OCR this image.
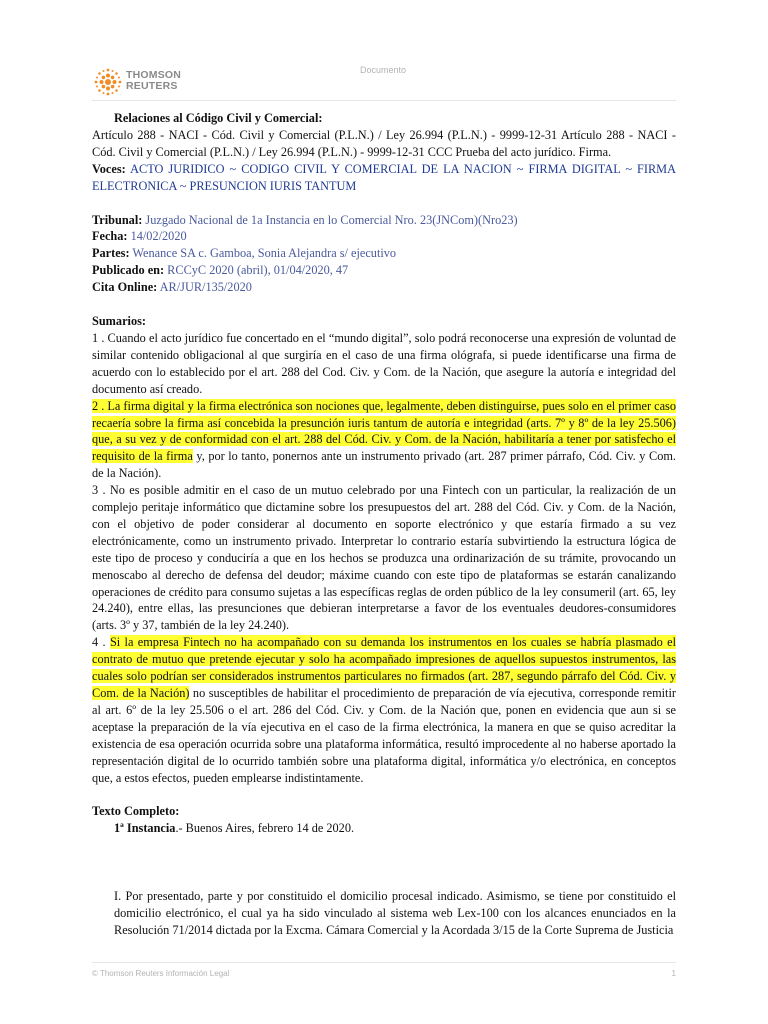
THOMSON
REUTERS
Documento

Relaciones al Código Civil y Comercial:

Artículo 288 - NACI - Cód. Civil y Comercial (P.L.N.) / Ley 26.994 (P.L.N.) - 9999-12-31 Artículo 288 - NACI - Cód. Civil y Comercial (P.L.N.) / Ley 26.994 (P.L.N.) - 9999-12-31 CCC Prueba del acto jurídico. Firma.

Voces: ACTO JURIDICO ~ CODIGO CIVIL Y COMERCIAL DE LA NACION ~ FIRMA DIGITAL ~ FIRMA ELECTRONICA ~ PRESUNCION IURIS TANTUM

Tribunal: Juzgado Nacional de 1a Instancia en lo Comercial Nro. 23(JNCom)(Nro23)

Fecha: 14/02/2020

Partes: Wenance SA c. Gamboa, Sonia Alejandra s/ ejecutivo

Publicado en: RCCyC 2020 (abril), 01/04/2020, 47

Cita Online: AR/JUR/135/2020

Sumarios:

1 . Cuando el acto jurídico fue concertado en el “mundo digital”, solo podrá reconocerse una expresión de voluntad de similar contenido obligacional al que surgiría en el caso de una firma ológrafa, si puede identificarse una firma de acuerdo con lo establecido por el art. 288 del Cod. Civ. y Com. de la Nación, que asegure la autoría e integridad del documento así creado.

2 . La firma digital y la firma electrónica son nociones que, legalmente, deben distinguirse, pues solo en el primer caso recaería sobre la firma así concebida la presunción iuris tantum de autoría e integridad (arts. 7º y 8º de la ley 25.506) que, a su vez y de conformidad con el art. 288 del Cód. Civ. y Com. de la Nación, habilitaría a tener por satisfecho el requisito de la firma y, por lo tanto, ponernos ante un instrumento privado (art. 287 primer párrafo, Cód. Civ. y Com. de la Nación).

3 . No es posible admitir en el caso de un mutuo celebrado por una Fintech con un particular, la realización de un complejo peritaje informático que dictamine sobre los presupuestos del art. 288 del Cód. Civ. y Com. de la Nación, con el objetivo de poder considerar al documento en soporte electrónico y que estaría firmado a su vez electrónicamente, como un instrumento privado. Interpretar lo contrario estaría subvirtiendo la estructura lógica de este tipo de proceso y conduciría a que en los hechos se produzca una ordinarización de su trámite, provocando un menoscabo al derecho de defensa del deudor; máxime cuando con este tipo de plataformas se estarán canalizando operaciones de crédito para consumo sujetas a las específicas reglas de orden público de la ley consumeril (art. 65, ley 24.240), entre ellas, las presunciones que debieran interpretarse a favor de los eventuales deudores-consumidores (arts. 3º y 37, también de la ley 24.240).

4 . Si la empresa Fintech no ha acompañado con su demanda los instrumentos en los cuales se habría plasmado el contrato de mutuo que pretende ejecutar y solo ha acompañado impresiones de aquellos supuestos instrumentos, las cuales solo podrían ser considerados instrumentos particulares no firmados (art. 287, segundo párrafo del Cód. Civ. y Com. de la Nación) no susceptibles de habilitar el procedimiento de preparación de vía ejecutiva, corresponde remitir al art. 6º de la ley 25.506 o el art. 286 del Cód. Civ. y Com. de la Nación que, ponen en evidencia que aun si se aceptase la preparación de la vía ejecutiva en el caso de la firma electrónica, la manera en que se quiso acreditar la existencia de esa operación ocurrida sobre una plataforma informática, resultó improcedente al no haberse aportado la representación digital de lo ocurrido también sobre una plataforma digital, informática y/o electrónica, en conceptos que, a estos efectos, pueden emplearse indistintamente.

Texto Completo:

1ª Instancia.- Buenos Aires, febrero 14 de 2020.

I. Por presentado, parte y por constituido el domicilio procesal indicado. Asimismo, se tiene por constituido el domicilio electrónico, el cual ya ha sido vinculado al sistema web Lex-100 con los alcances enunciados en la Resolución 71/2014 dictada por la Excma. Cámara Comercial y la Acordada 3/15 de la Corte Suprema de Justicia

© Thomson Reuters Información Legal	1
